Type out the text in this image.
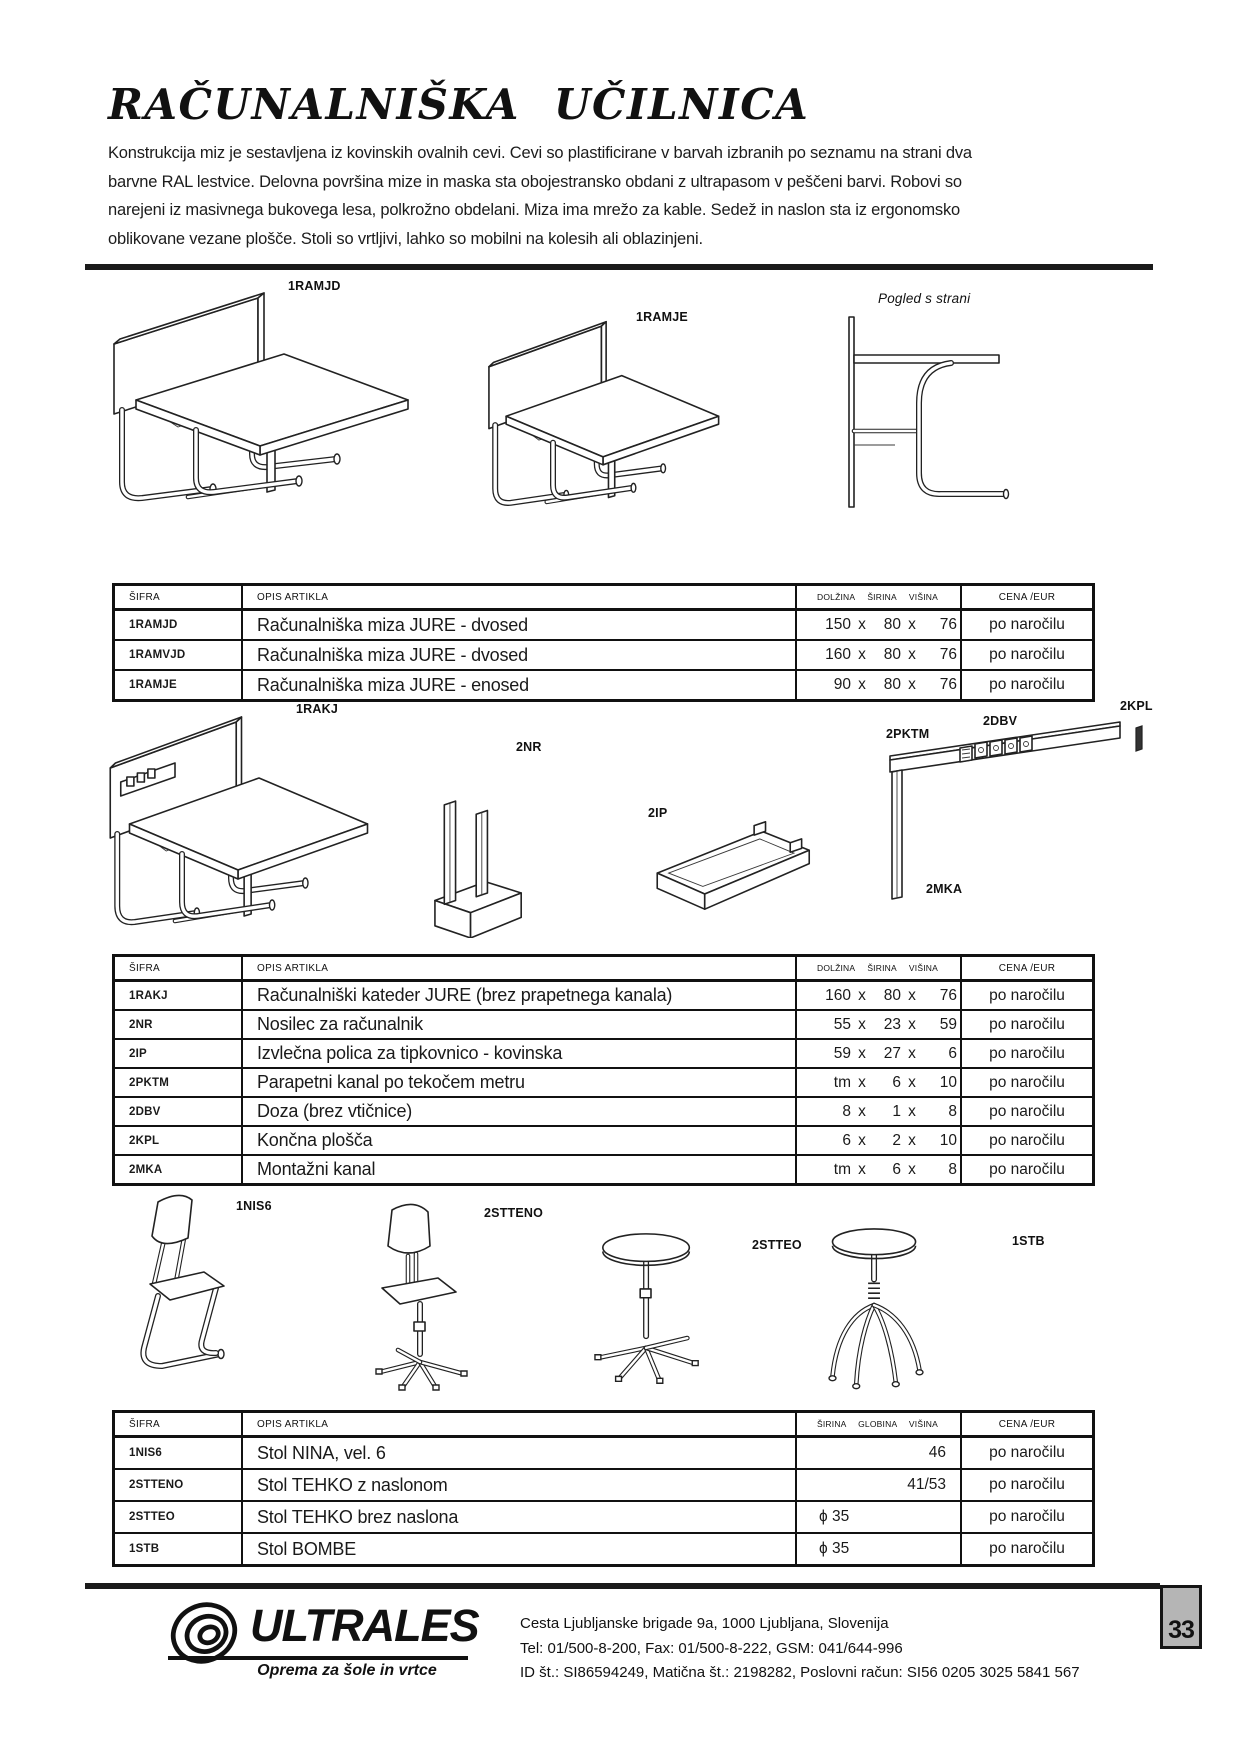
RAČUNALNIŠKA UČILNICA
Konstrukcija miz je sestavljena iz kovinskih ovalnih cevi. Cevi so plastificirane v barvah izbranih po seznamu na strani dva
barvne RAL lestvice. Delovna površina mize in maska sta obojestransko obdani z ultrapasom v peščeni barvi. Robovi so
narejeni iz masivnega bukovega lesa, polkrožno obdelani. Miza ima mrežo za kable. Sedež in naslon sta iz ergonomsko
oblikovane vezane plošče. Stoli so vrtljivi, lahko so mobilni na kolesih ali oblazinjeni.
1RAMJD
1RAMJE
Pogled s strani
ŠIFRA	OPIS ARTIKLA	DOLŽINA ŠIRINA VIŠINA	CENA /EUR
1RAMJD	Računalniška miza JURE - dvosed	150 x	80 x	76	po naročilu
1RAMVJD	Računalniška miza JURE - dvosed	160 x	80 x	76	po naročilu
1RAMJE	Računalniška miza JURE - enosed	90 x	80 x	76	po naročilu
1RAKJ
2NR
2IP
2PKTM
2DBV
2KPL
2MKA
ŠIFRA	OPIS ARTIKLA	DOLŽINA ŠIRINA VIŠINA	CENA /EUR
1RAKJ	Računalniški kateder JURE (brez prapetnega kanala)	160 x	80 x	76	po naročilu
2NR	Nosilec za računalnik	55 x	23 x	59	po naročilu
2IP	Izvlečna polica za tipkovnico - kovinska	59 x	27 x	6	po naročilu
2PKTM	Parapetni kanal po tekočem metru	tm x	6 x	10	po naročilu
2DBV	Doza (brez vtičnice)	8 x	1 x	8	po naročilu
2KPL	Končna plošča	6 x	2 x	10	po naročilu
2MKA	Montažni kanal	tm x	6 x	8	po naročilu
1NIS6	2STTENO
2STTEO	1STB
ŠIFRA	OPIS ARTIKLA	ŠIRINA GLOBINA VIŠINA	CENA /EUR
1NIS6	Stol NINA, vel. 6	46	po naročilu
2STTENO	Stol TEHKO z naslonom	41/53	po naročilu
2STTEO	Stol TEHKO brez naslona	ϕ 35	po naročilu
1STB	Stol BOMBE	ϕ 35	po naročilu
ULTRALES
Oprema za šole in vrtce
Cesta Ljubljanske brigade 9a, 1000 Ljubljana, Slovenija
Tel: 01/500-8-200, Fax: 01/500-8-222, GSM: 041/644-996
ID št.: SI86594249, Matična št.: 2198282, Poslovni račun: SI56 0205 3025 5841 567
33
